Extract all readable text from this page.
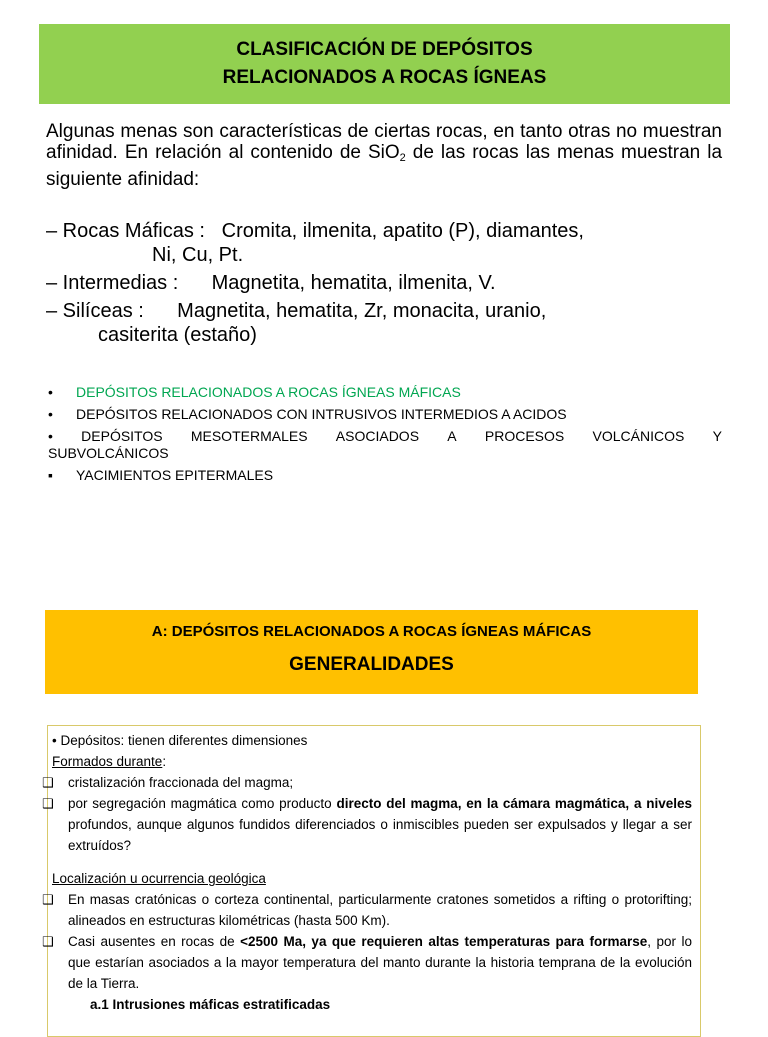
CLASIFICACIÓN DE DEPÓSITOS
RELACIONADOS A ROCAS ÍGNEAS
Algunas menas son características de ciertas rocas, en tanto otras no muestran afinidad. En relación al contenido de SiO$_2$ de las rocas las menas muestran la siguiente afinidad:
– Rocas Máficas : Cromita, ilmenita, apatito (P), diamantes,
Ni, Cu, Pt.
– Intermedias : Magnetita, hematita, ilmenita, V.
– Silíceas : Magnetita, hematita, Zr, monacita, uranio,
casiterita (estaño)
•	DEPÓSITOS RELACIONADOS A ROCAS ÍGNEAS MÁFICAS
•	DEPÓSITOS RELACIONADOS CON INTRUSIVOS INTERMEDIOS A ACIDOS
• DEPÓSITOS MESOTERMALES ASOCIADOS A PROCESOS VOLCÁNICOS Y
SUBVOLCÁNICOS
▪	YACIMIENTOS EPITERMALES
A: DEPÓSITOS RELACIONADOS A ROCAS ÍGNEAS MÁFICAS
GENERALIDADES
• Depósitos: tienen diferentes dimensiones
Formados durante:
❑	cristalización fraccionada del magma;
❑	por segregación magmática como producto directo del magma, en la cámara magmática, a niveles profundos, aunque algunos fundidos diferenciados o inmiscibles pueden ser expulsados y llegar a ser extruídos?
Localización u ocurrencia geológica
❑	En masas cratónicas o corteza continental, particularmente cratones sometidos a rifting o protorifting; alineados en estructuras kilométricas (hasta 500 Km).
❑	Casi ausentes en rocas de <2500 Ma, ya que requieren altas temperaturas para formarse, por lo que estarían asociados a la mayor temperatura del manto durante la historia temprana de la evolución de la Tierra.
a.1 Intrusiones máficas estratificadas
